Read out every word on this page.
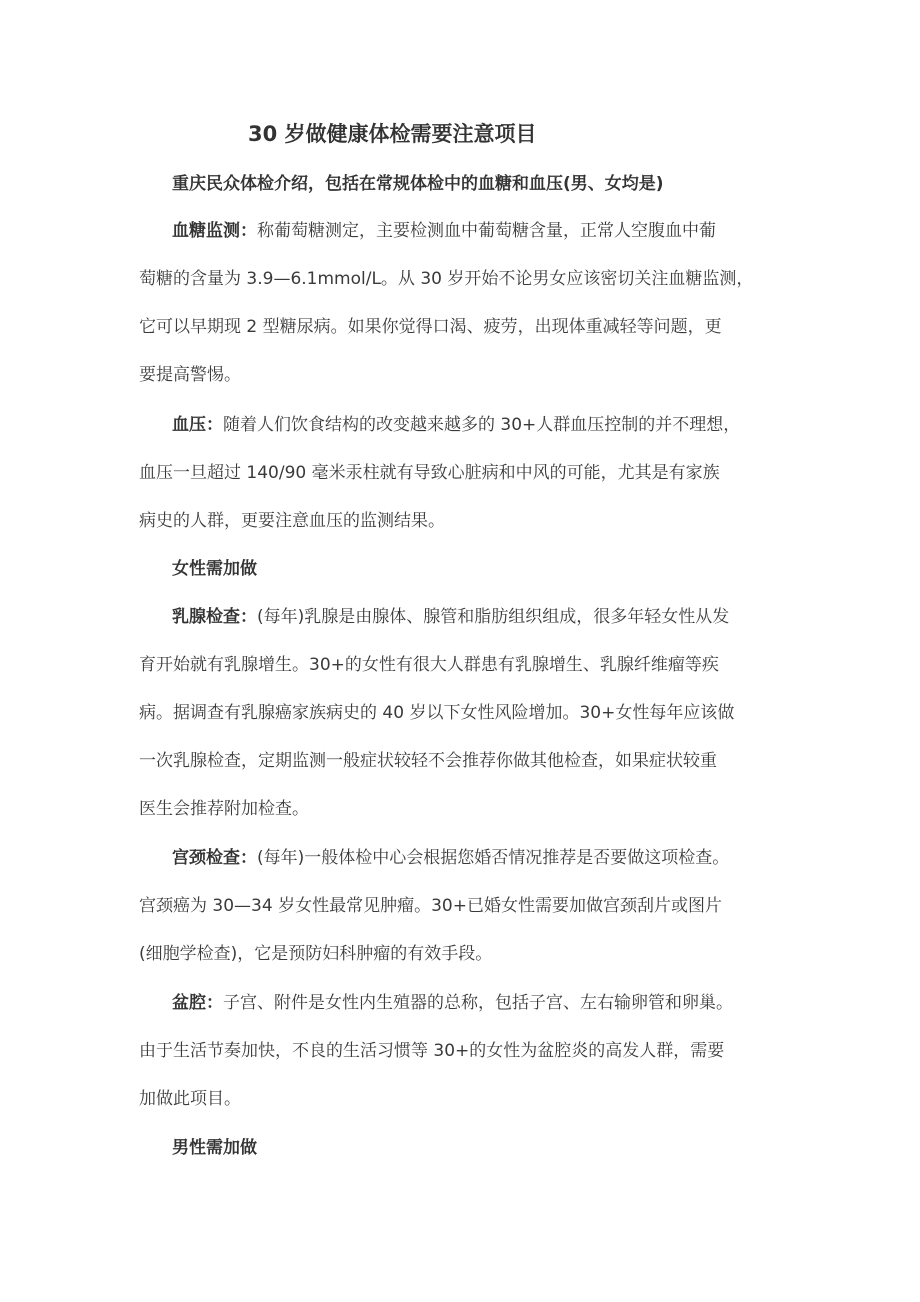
30 岁做健康体检需要注意项目
重庆民众体检介绍，包括在常规体检中的血糖和血压(男、女均是)
血糖监测：称葡萄糖测定，主要检测血中葡萄糖含量，正常人空腹血中葡
萄糖的含量为 3.9—6.1mmol/L。从 30 岁开始不论男女应该密切关注血糖监测，
它可以早期现 2 型糖尿病。如果你觉得口渴、疲劳，出现体重减轻等问题，更
要提高警惕。
血压：随着人们饮食结构的改变越来越多的 30+人群血压控制的并不理想，
血压一旦超过 140/90 毫米汞柱就有导致心脏病和中风的可能，尤其是有家族
病史的人群，更要注意血压的监测结果。
女性需加做
乳腺检查：(每年)乳腺是由腺体、腺管和脂肪组织组成，很多年轻女性从发
育开始就有乳腺增生。30+的女性有很大人群患有乳腺增生、乳腺纤维瘤等疾
病。据调查有乳腺癌家族病史的 40 岁以下女性风险增加。30+女性每年应该做
一次乳腺检查，定期监测一般症状较轻不会推荐你做其他检查，如果症状较重
医生会推荐附加检查。
宫颈检查：(每年)一般体检中心会根据您婚否情况推荐是否要做这项检查。
宫颈癌为 30—34 岁女性最常见肿瘤。30+已婚女性需要加做宫颈刮片或图片
(细胞学检查)，它是预防妇科肿瘤的有效手段。
盆腔：子宫、附件是女性内生殖器的总称，包括子宫、左右输卵管和卵巢。
由于生活节奏加快，不良的生活习惯等 30+的女性为盆腔炎的高发人群，需要
加做此项目。
男性需加做
